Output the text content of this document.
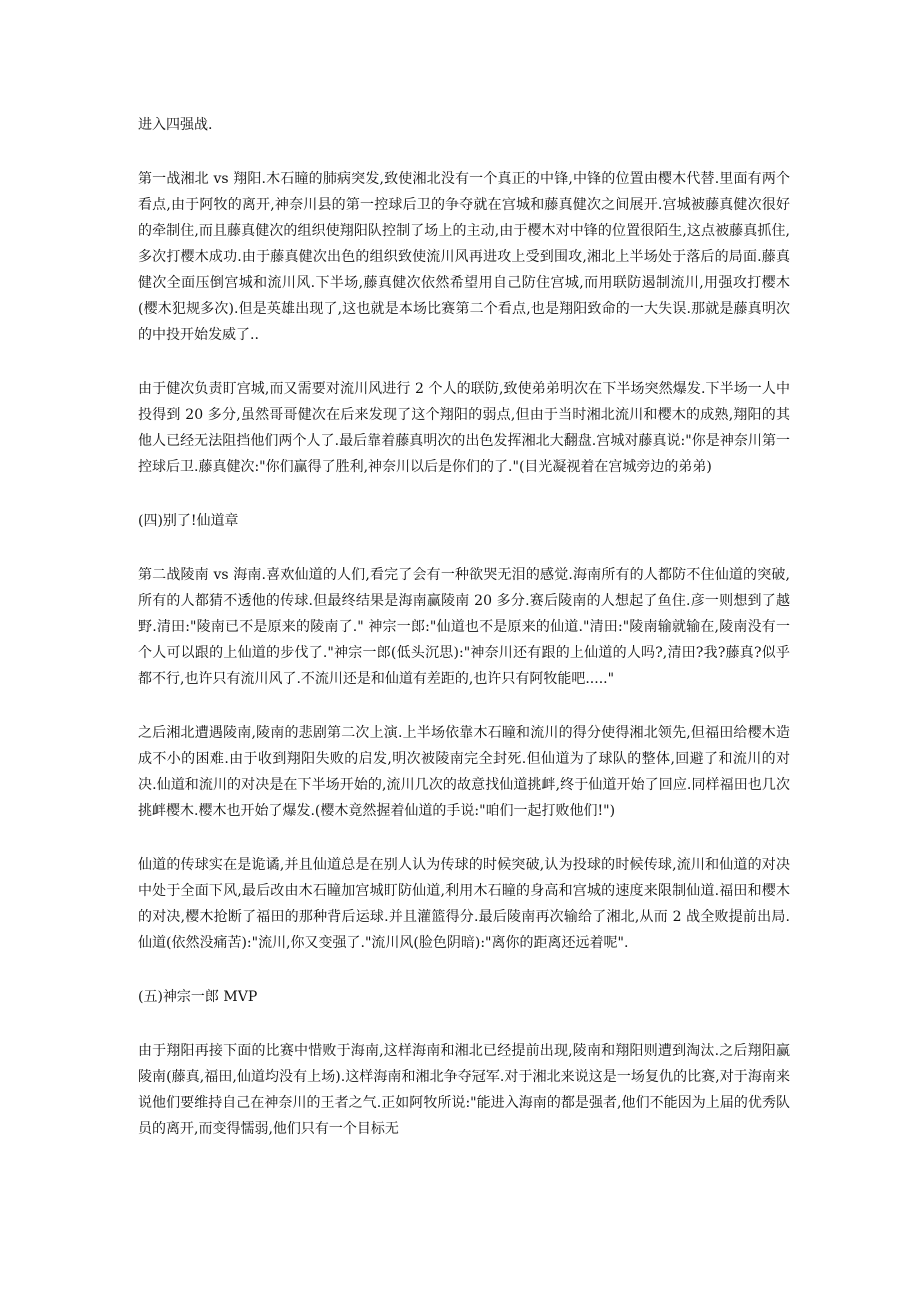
进入四强战.

第一战湘北 vs 翔阳.木石瞳的肺病突发,致使湘北没有一个真正的中锋,中锋的位置由樱木代替.里面有两个看点,由于阿牧的离开,神奈川县的第一控球后卫的争夺就在宫城和藤真健次之间展开.宫城被藤真健次很好的牵制住,而且藤真健次的组织使翔阳队控制了场上的主动,由于樱木对中锋的位置很陌生,这点被藤真抓住,多次打樱木成功.由于藤真健次出色的组织致使流川风再进攻上受到围攻,湘北上半场处于落后的局面.藤真健次全面压倒宫城和流川风.下半场,藤真健次依然希望用自己防住宫城,而用联防遏制流川,用强攻打樱木(樱木犯规多次).但是英雄出现了,这也就是本场比赛第二个看点,也是翔阳致命的一大失误.那就是藤真明次的中投开始发威了..

由于健次负责盯宫城,而又需要对流川风进行 2 个人的联防,致使弟弟明次在下半场突然爆发.下半场一人中投得到 20 多分,虽然哥哥健次在后来发现了这个翔阳的弱点,但由于当时湘北流川和樱木的成熟,翔阳的其他人已经无法阻挡他们两个人了.最后靠着藤真明次的出色发挥湘北大翻盘.宫城对藤真说:"你是神奈川第一控球后卫.藤真健次:"你们赢得了胜利,神奈川以后是你们的了."(目光凝视着在宫城旁边的弟弟)

(四)别了!仙道章

第二战陵南 vs 海南.喜欢仙道的人们,看完了会有一种欲哭无泪的感觉.海南所有的人都防不住仙道的突破,所有的人都猜不透他的传球.但最终结果是海南赢陵南 20 多分.赛后陵南的人想起了鱼住.彦一则想到了越野.清田:"陵南已不是原来的陵南了." 神宗一郎:"仙道也不是原来的仙道."清田:"陵南输就输在,陵南没有一个人可以跟的上仙道的步伐了."神宗一郎(低头沉思):"神奈川还有跟的上仙道的人吗?,清田?我?藤真?似乎都不行,也许只有流川风了.不流川还是和仙道有差距的,也许只有阿牧能吧....."

之后湘北遭遇陵南,陵南的悲剧第二次上演.上半场依靠木石瞳和流川的得分使得湘北领先,但福田给樱木造成不小的困难.由于收到翔阳失败的启发,明次被陵南完全封死.但仙道为了球队的整体,回避了和流川的对决.仙道和流川的对决是在下半场开始的,流川几次的故意找仙道挑衅,终于仙道开始了回应.同样福田也几次挑衅樱木.樱木也开始了爆发.(樱木竟然握着仙道的手说:"咱们一起打败他们!")

仙道的传球实在是诡谲,并且仙道总是在别人认为传球的时候突破,认为投球的时候传球,流川和仙道的对决中处于全面下风,最后改由木石瞳加宫城盯防仙道,利用木石瞳的身高和宫城的速度来限制仙道.福田和樱木的对决,樱木抢断了福田的那种背后运球.并且灌篮得分.最后陵南再次输给了湘北,从而 2 战全败提前出局.仙道(依然没痛苦):"流川,你又变强了."流川风(脸色阴暗):"离你的距离还远着呢".

(五)神宗一郎 MVP

由于翔阳再接下面的比赛中惜败于海南,这样海南和湘北已经提前出现,陵南和翔阳则遭到淘汰.之后翔阳赢陵南(藤真,福田,仙道均没有上场).这样海南和湘北争夺冠军.对于湘北来说这是一场复仇的比赛,对于海南来说他们要维持自己在神奈川的王者之气.正如阿牧所说:"能进入海南的都是强者,他们不能因为上届的优秀队员的离开,而变得懦弱,他们只有一个目标无
